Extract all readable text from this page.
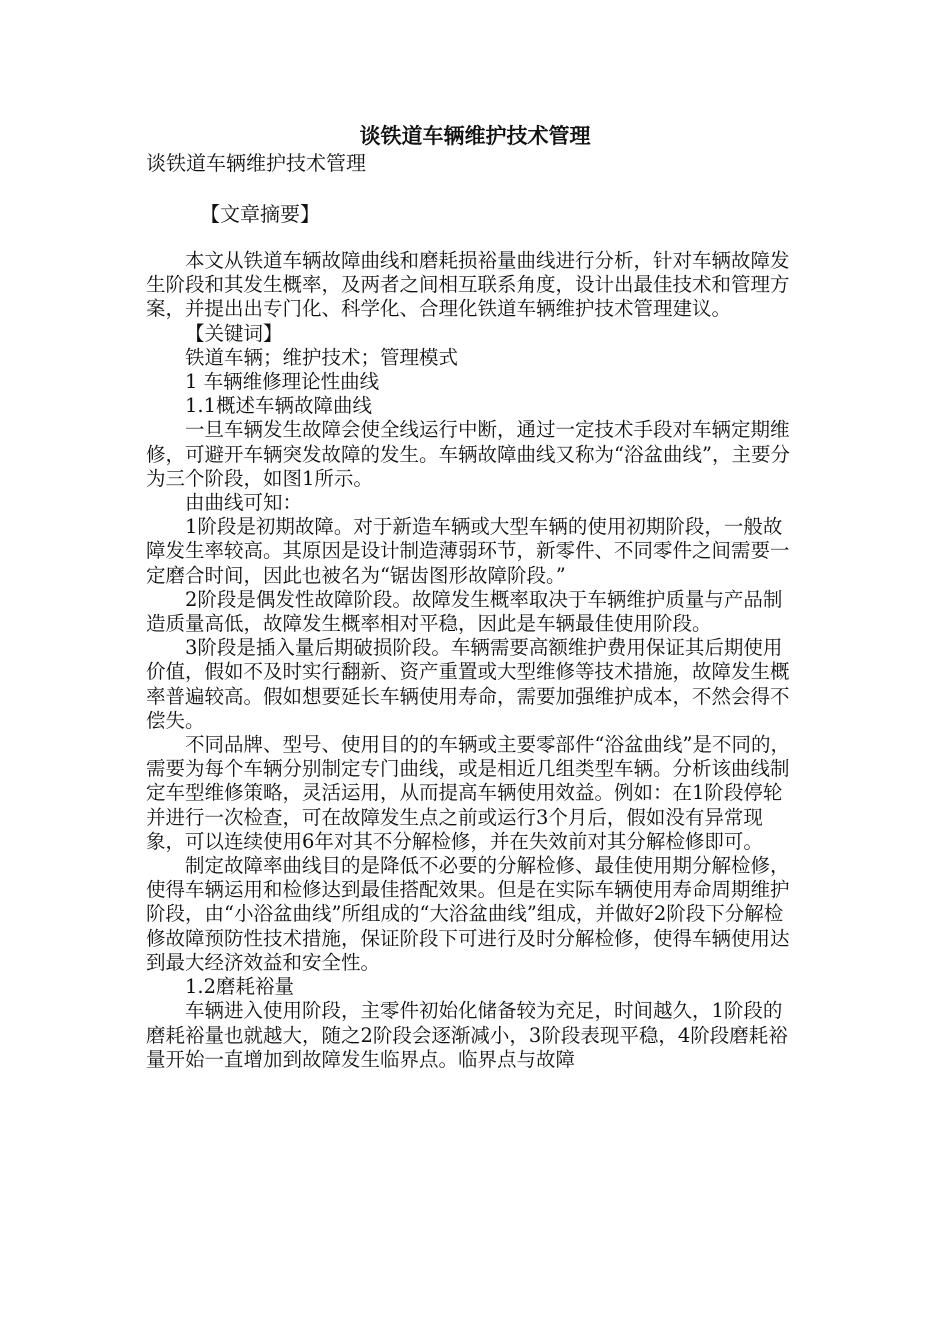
谈铁道车辆维护技术管理
谈铁道车辆维护技术管理
【文章摘要】

本文从铁道车辆故障曲线和磨耗损裕量曲线进行分析，针对车辆故障发生阶段和其发生概率，及两者之间相互联系角度，设计出最佳技术和管理方案，并提出出专门化、科学化、合理化铁道车辆维护技术管理建议。

【关键词】

铁道车辆；维护技术；管理模式

1 车辆维修理论性曲线

1.1概述车辆故障曲线

一旦车辆发生故障会使全线运行中断，通过一定技术手段对车辆定期维修，可避开车辆突发故障的发生。车辆故障曲线又称为“浴盆曲线”，主要分为三个阶段，如图1所示。

由曲线可知：

1阶段是初期故障。对于新造车辆或大型车辆的使用初期阶段，一般故障发生率较高。其原因是设计制造薄弱环节，新零件、不同零件之间需要一定磨合时间，因此也被名为“锯齿图形故障阶段。”

2阶段是偶发性故障阶段。故障发生概率取决于车辆维护质量与产品制造质量高低，故障发生概率相对平稳，因此是车辆最佳使用阶段。

3阶段是插入量后期破损阶段。车辆需要高额维护费用保证其后期使用价值，假如不及时实行翻新、资产重置或大型维修等技术措施，故障发生概率普遍较高。假如想要延长车辆使用寿命，需要加强维护成本，不然会得不偿失。

不同品牌、型号、使用目的的车辆或主要零部件“浴盆曲线”是不同的，需要为每个车辆分别制定专门曲线，或是相近几组类型车辆。分析该曲线制定车型维修策略，灵活运用，从而提高车辆使用效益。例如：在1阶段停轮并进行一次检查，可在故障发生点之前或运行3个月后，假如没有异常现象，可以连续使用6年对其不分解检修，并在失效前对其分解检修即可。

制定故障率曲线目的是降低不必要的分解检修、最佳使用期分解检修，使得车辆运用和检修达到最佳搭配效果。但是在实际车辆使用寿命周期维护阶段，由“小浴盆曲线”所组成的“大浴盆曲线”组成，并做好2阶段下分解检修故障预防性技术措施，保证阶段下可进行及时分解检修，使得车辆使用达到最大经济效益和安全性。

1.2磨耗裕量

车辆进入使用阶段，主零件初始化储备较为充足，时间越久，1阶段的磨耗裕量也就越大，随之2阶段会逐渐减小，3阶段表现平稳，4阶段磨耗裕量开始一直增加到故障发生临界点。临界点与故障
